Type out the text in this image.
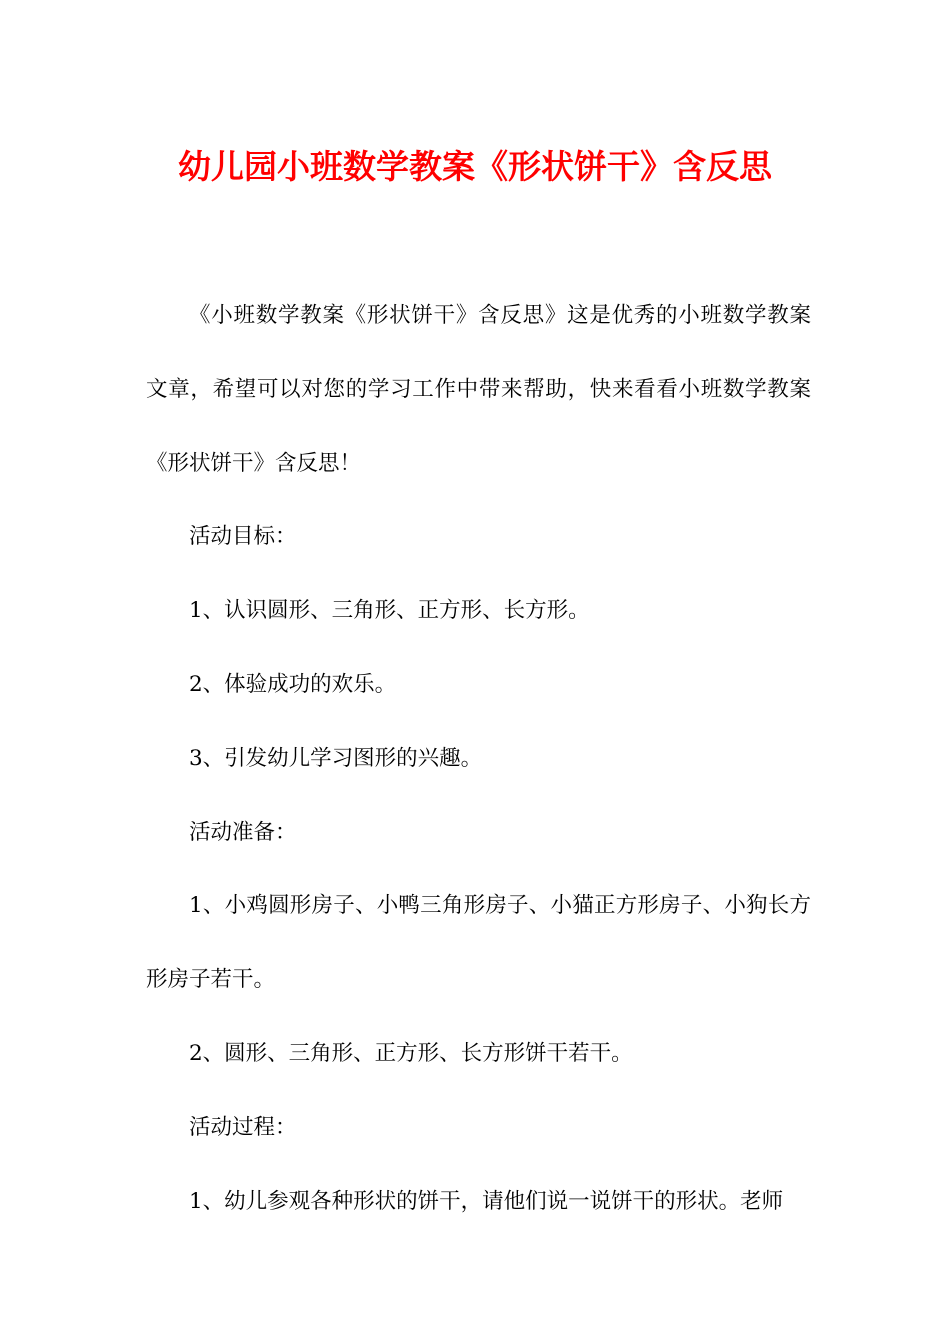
幼儿园小班数学教案《形状饼干》含反思

《小班数学教案《形状饼干》含反思》这是优秀的小班数学教案文章，希望可以对您的学习工作中带来帮助，快来看看小班数学教案《形状饼干》含反思！

活动目标：

1、认识圆形、三角形、正方形、长方形。

2、体验成功的欢乐。

3、引发幼儿学习图形的兴趣。

活动准备：

1、小鸡圆形房子、小鸭三角形房子、小猫正方形房子、小狗长方形房子若干。

2、圆形、三角形、正方形、长方形饼干若干。

活动过程：

1、幼儿参观各种形状的饼干，请他们说一说饼干的形状。老师
